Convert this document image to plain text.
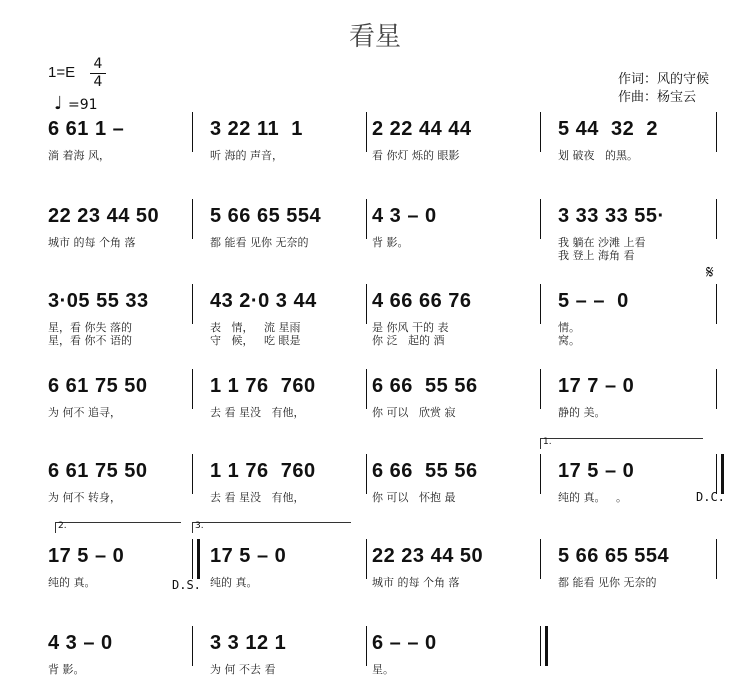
看星
1=E 4
4
♩ =91
作词：风的守候
作曲：杨宝云
6 61 1 –
淌 着海 风，
3 22 11  1
听 海的 声音，
2 22 44 44
看 你灯 烁的 眼影
5 44  32  2
划 破夜   的黑。
22 23 44 50
城市 的每 个角 落
5 66 65 554
都 能看 见你 无奈的
4 3 – 0
背 影。
3 33 33 55·
我 躺在 沙滩 上看
我 登上 海角 看
3·05 55 33
星，看 你失 落的
星，看 你不 语的
43 2·0 3 44
表   情，   流 星雨
守   候，   吃 眼是
4 66 66 76
是 你风 干的 表
你 泛   起的 酒
5 – –  0
情。
窝。
6 61 75 50
为 何不 追寻，
1 1 76  760
去 看 星没   有他，
6 66  55 56
你 可以   欣赏 寂
17 7 – 0
静的 美。
6 61 75 50
为 何不 转身，
1 1 76  760
去 看 星没   有他，
6 66  55 56
你 可以   怀抱 最
17 5 – 0
纯的 真。   。
17 5 – 0
纯的 真。
17 5 – 0
纯的 真。
22 23 44 50
城市 的每 个角 落
5 66 65 554
都 能看 见你 无奈的
4 3 – 0
背 影。
3 3 12 1
为 何 不去 看
6 – – 0
星。
𝄋
1.
2.	3.
D.C.
D.S.
